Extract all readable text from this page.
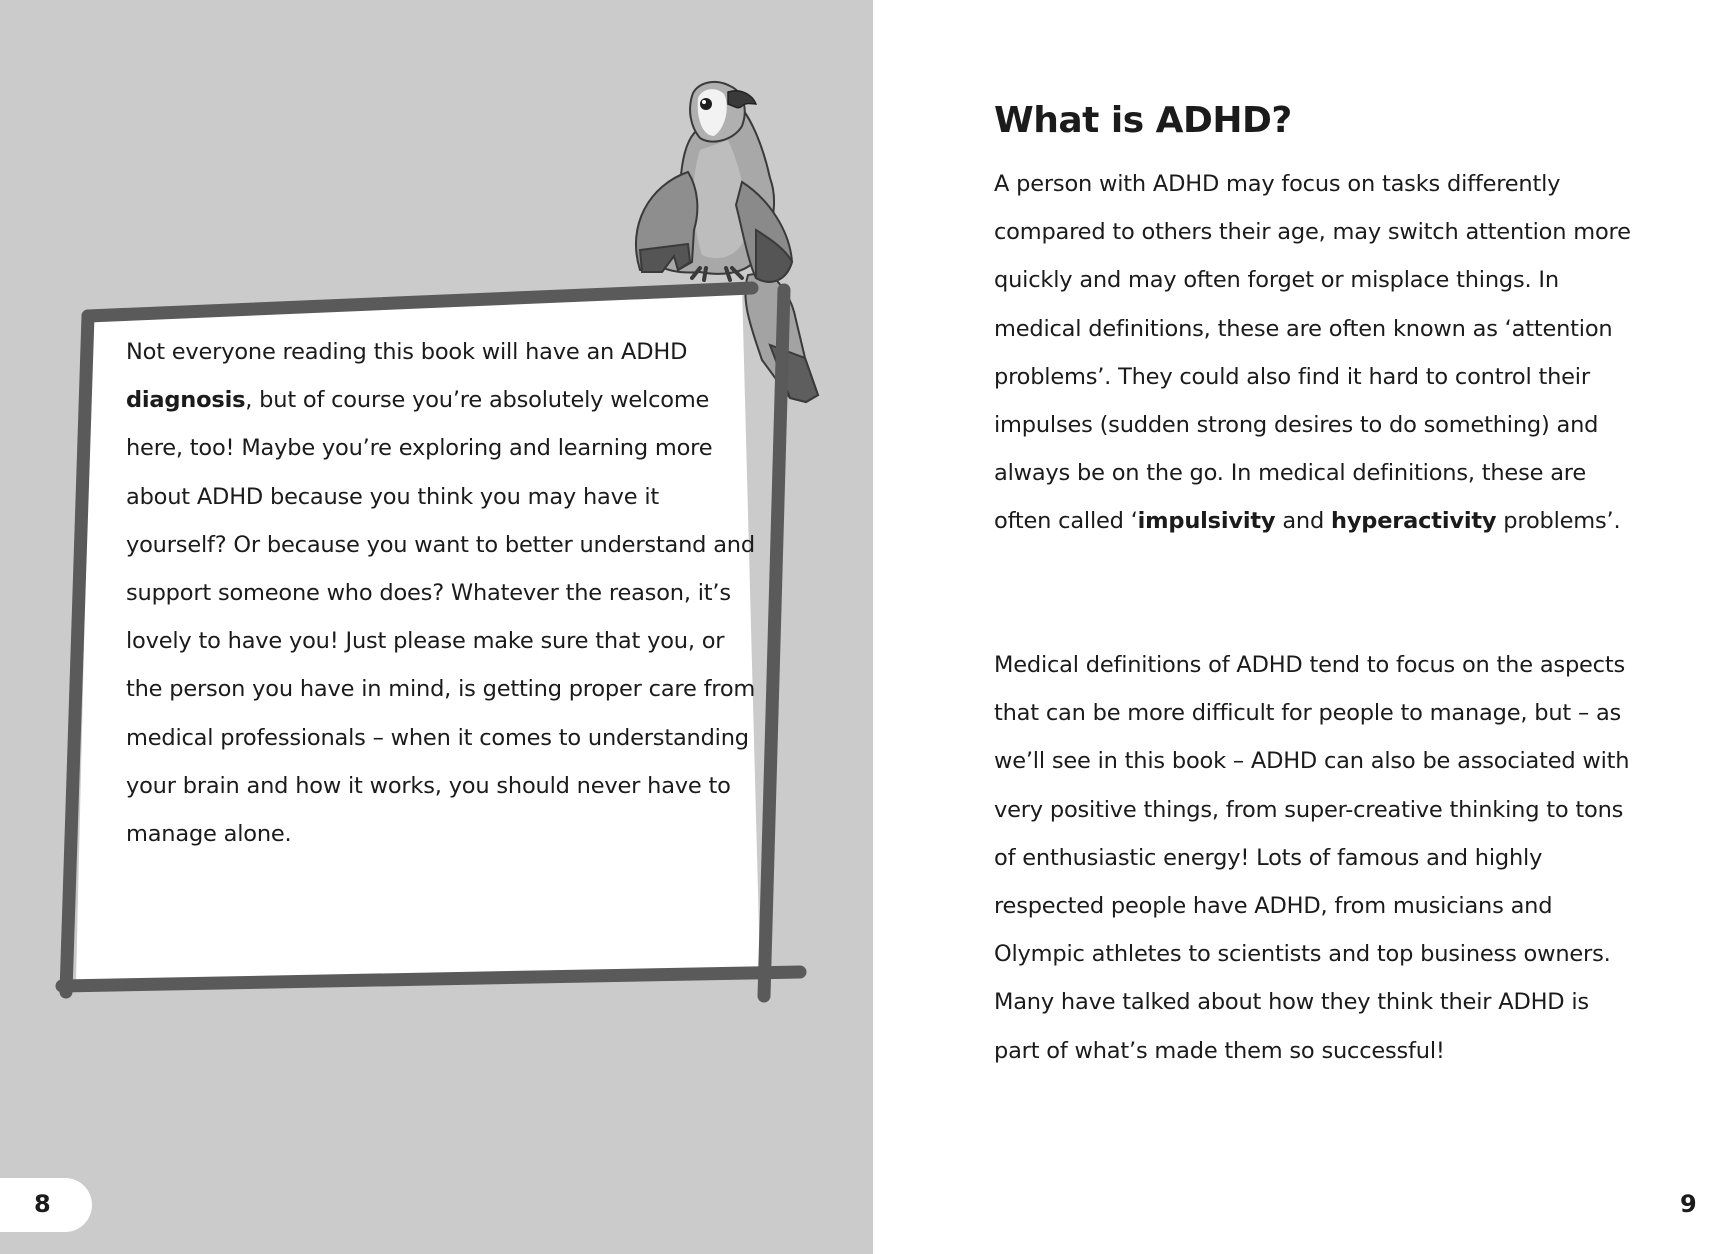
Not everyone reading this book will have an ADHD diagnosis, but of course you’re absolutely welcome here, too! Maybe you’re exploring and learning more about ADHD because you think you may have it yourself? Or because you want to better understand and support someone who does? Whatever the reason, it’s lovely to have you! Just please make sure that you, or the person you have in mind, is getting proper care from medical professionals – when it comes to understanding your brain and how it works, you should never have to manage alone.

8
What is ADHD?

A person with ADHD may focus on tasks differently compared to others their age, may switch attention more quickly and may often forget or misplace things. In medical definitions, these are often known as ‘attention problems’. They could also find it hard to control their impulses (sudden strong desires to do something) and always be on the go. In medical definitions, these are often called ‘impulsivity and hyperactivity problems’.

Medical definitions of ADHD tend to focus on the aspects that can be more difficult for people to manage, but – as we’ll see in this book – ADHD can also be associated with very positive things, from super-creative thinking to tons of enthusiastic energy! Lots of famous and highly respected people have ADHD, from musicians and Olympic athletes to scientists and top business owners. Many have talked about how they think their ADHD is part of what’s made them so successful!

9
